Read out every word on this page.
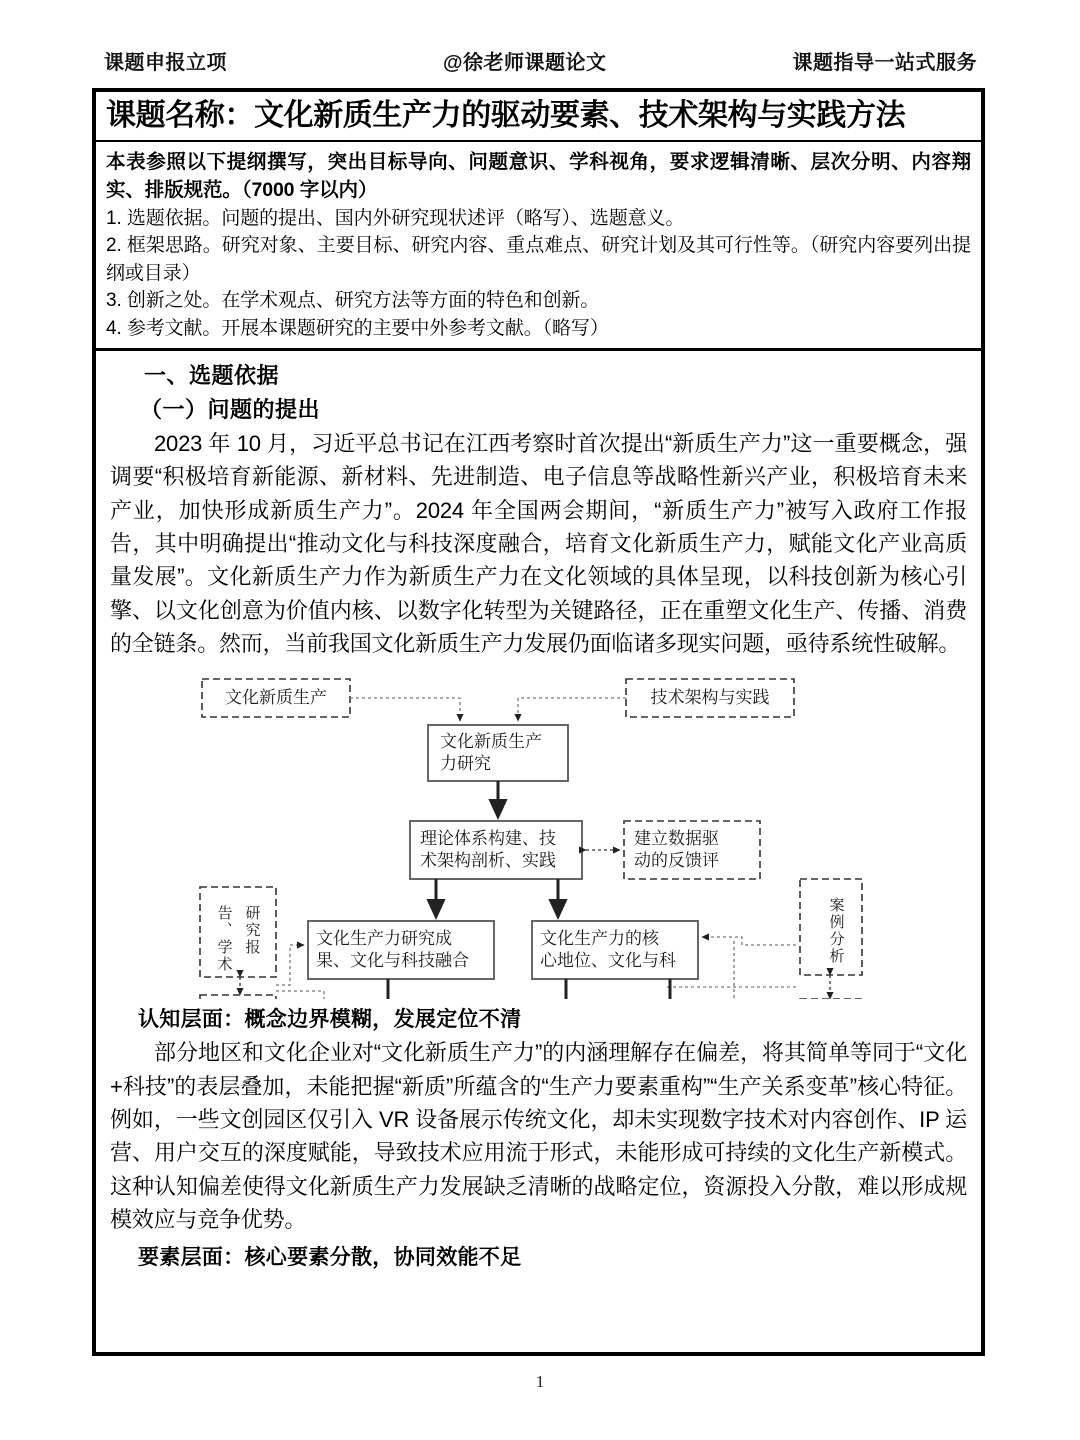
课题申报立项	@徐老师课题论文	课题指导一站式服务
课题名称：文化新质生产力的驱动要素、技术架构与实践方法
本表参照以下提纲撰写，突出目标导向、问题意识、学科视角，要求逻辑清晰、层次分明、内容翔实、排版规范。（7000 字以内）
1. 选题依据。问题的提出、国内外研究现状述评（略写）、选题意义。
2. 框架思路。研究对象、主要目标、研究内容、重点难点、研究计划及其可行性等。（研究内容要列出提纲或目录）
3. 创新之处。在学术观点、研究方法等方面的特色和创新。
4. 参考文献。开展本课题研究的主要中外参考文献。（略写）
一、选题依据
（一）问题的提出

2023 年 10 月，习近平总书记在江西考察时首次提出“新质生产力”这一重要概念，强调要“积极培育新能源、新材料、先进制造、电子信息等战略性新兴产业，积极培育未来产业，加快形成新质生产力”。2024 年全国两会期间，“新质生产力”被写入政府工作报告，其中明确提出“推动文化与科技深度融合，培育文化新质生产力，赋能文化产业高质量发展”。文化新质生产力作为新质生产力在文化领域的具体呈现，以科技创新为核心引擎、以文化创意为价值内核、以数字化转型为关键路径，正在重塑文化生产、传播、消费的全链条。然而，当前我国文化新质生产力发展仍面临诸多现实问题，亟待系统性破解。

文化新质生产	技术架构与实践
文化新质生产
力研究
理论体系构建、技
术架构剖析、实践
建立数据驱
动的反馈评
文化生产力研究成
果、文化与科技融合
文化生产力的核
心地位、文化与科
研究报
告、学术	案例分析
认知层面：概念边界模糊，发展定位不清

部分地区和文化企业对“文化新质生产力”的内涵理解存在偏差，将其简单等同于“文化+科技”的表层叠加，未能把握“新质”所蕴含的“生产力要素重构”“生产关系变革”核心特征。例如，一些文创园区仅引入 VR 设备展示传统文化，却未实现数字技术对内容创作、IP 运营、用户交互的深度赋能，导致技术应用流于形式，未能形成可持续的文化生产新模式。这种认知偏差使得文化新质生产力发展缺乏清晰的战略定位，资源投入分散，难以形成规模效应与竞争优势。

要素层面：核心要素分散，协同效能不足
1
